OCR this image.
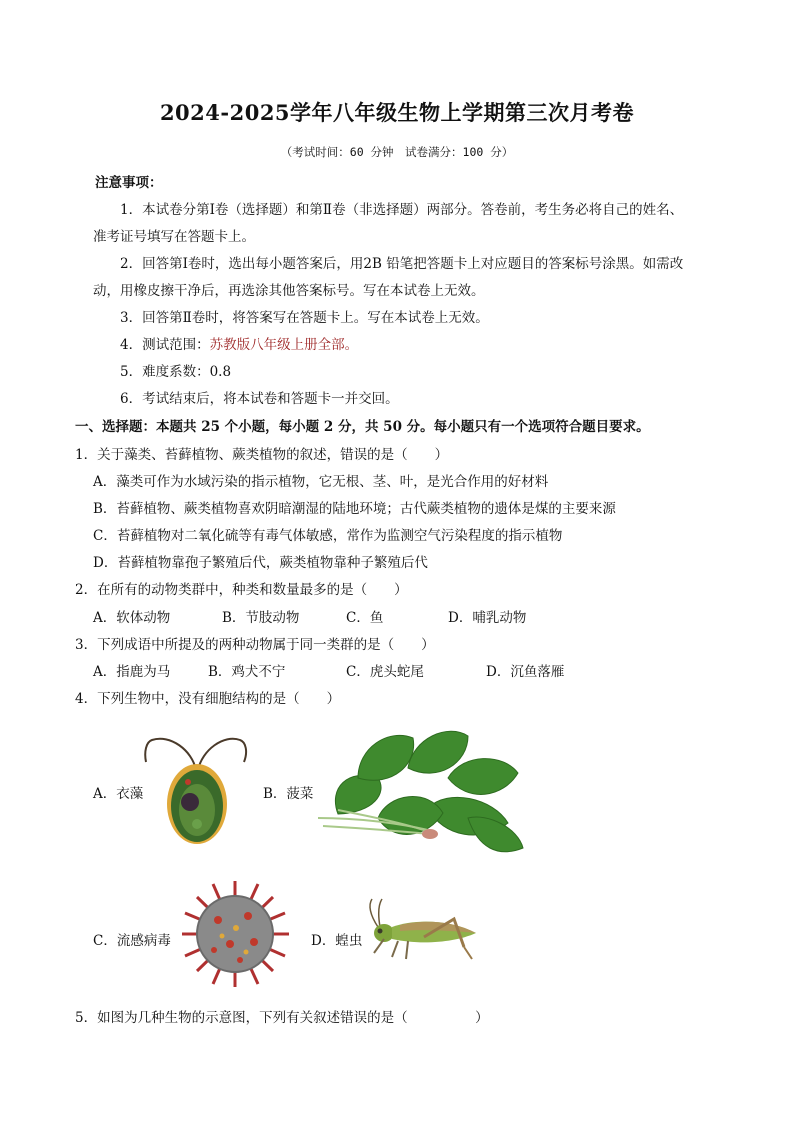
2024-2025学年八年级生物上学期第三次月考卷
（考试时间：60 分钟　试卷满分：100 分）
注意事项：
1．本试卷分第Ⅰ卷（选择题）和第Ⅱ卷（非选择题）两部分。答卷前，考生务必将自己的姓名、
准考证号填写在答题卡上。
2．回答第Ⅰ卷时，选出每小题答案后，用2B 铅笔把答题卡上对应题目的答案标号涂黑。如需改
动，用橡皮擦干净后，再选涂其他答案标号。写在本试卷上无效。
3．回答第Ⅱ卷时，将答案写在答题卡上。写在本试卷上无效。
4．测试范围：苏教版八年级上册全部。
5．难度系数：0.8
6．考试结束后，将本试卷和答题卡一并交回。
一、选择题：本题共 25 个小题，每小题 2 分，共 50 分。每小题只有一个选项符合题目要求。
1．关于藻类、苔藓植物、蕨类植物的叙述，错误的是（　　）
A．藻类可作为水域污染的指示植物，它无根、茎、叶，是光合作用的好材料
B．苔藓植物、蕨类植物喜欢阴暗潮湿的陆地环境；古代蕨类植物的遗体是煤的主要来源
C．苔藓植物对二氧化硫等有毒气体敏感，常作为监测空气污染程度的指示植物
D．苔藓植物靠孢子繁殖后代，蕨类植物靠种子繁殖后代
2．在所有的动物类群中，种类和数量最多的是（　　）
A．软体动物	B．节肢动物	C．鱼	D．哺乳动物
3．下列成语中所提及的两种动物属于同一类群的是（　　）
A．指鹿为马	B．鸡犬不宁	C．虎头蛇尾	D．沉鱼落雁
4．下列生物中，没有细胞结构的是（　　）
A．衣藻	B．菠菜
C．流感病毒	D．蝗虫
5．如图为几种生物的示意图，下列有关叙述错误的是（　　　　　）
